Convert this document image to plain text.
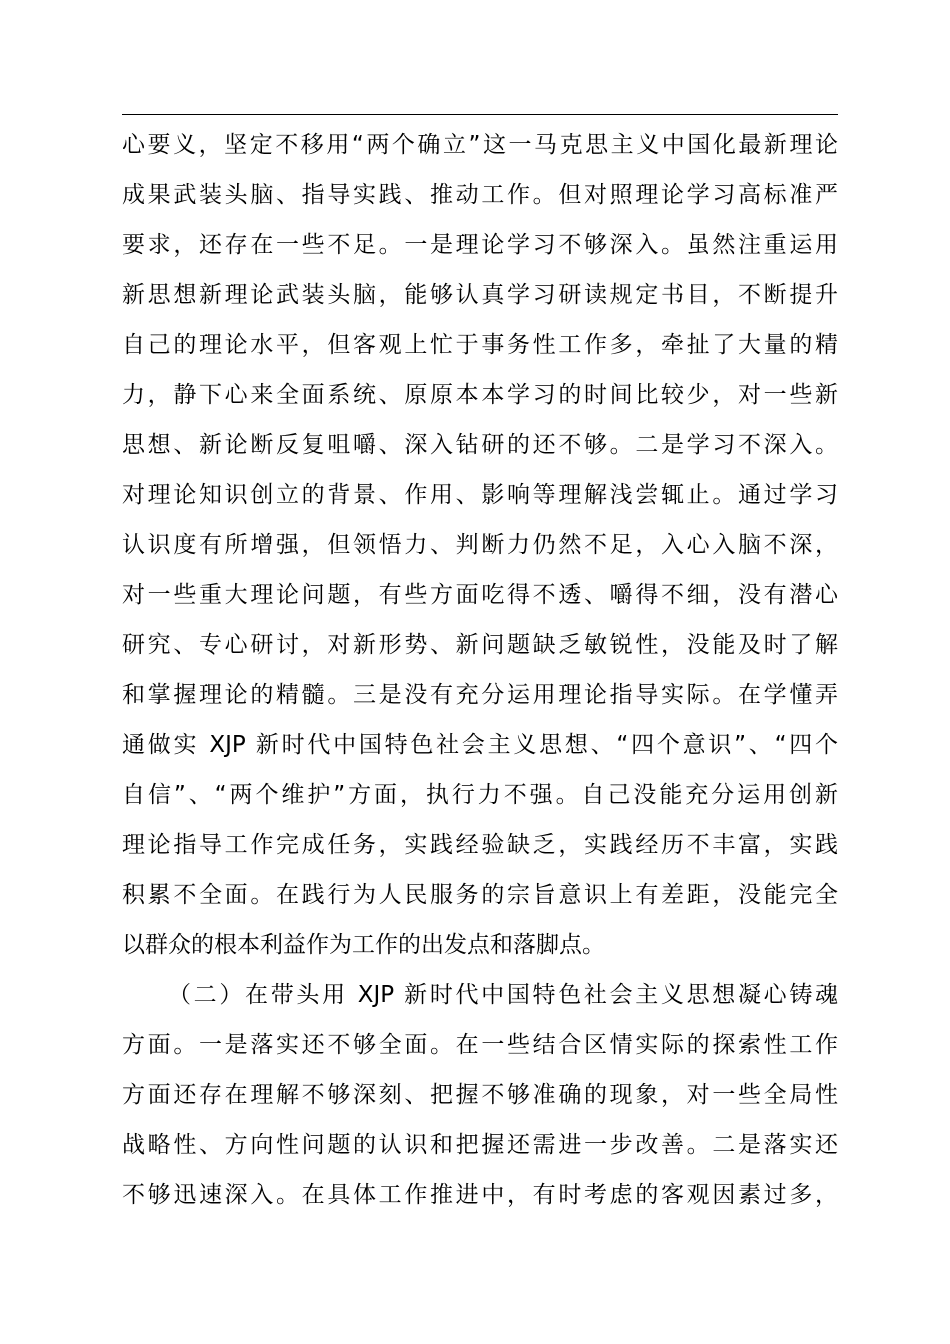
心要义，坚定不移用“两个确立”这一马克思主义中国化最新理论
成果武装头脑、指导实践、推动工作。但对照理论学习高标准严
要求，还存在一些不足。一是理论学习不够深入。虽然注重运用
新思想新理论武装头脑，能够认真学习研读规定书目，不断提升
自己的理论水平，但客观上忙于事务性工作多，牵扯了大量的精
力，静下心来全面系统、原原本本学习的时间比较少，对一些新
思想、新论断反复咀嚼、深入钻研的还不够。二是学习不深入。
对理论知识创立的背景、作用、影响等理解浅尝辄止。通过学习
认识度有所增强，但领悟力、判断力仍然不足，入心入脑不深，
对一些重大理论问题，有些方面吃得不透、嚼得不细，没有潜心
研究、专心研讨，对新形势、新问题缺乏敏锐性，没能及时了解
和掌握理论的精髓。三是没有充分运用理论指导实际。在学懂弄
通做实 XJP 新时代中国特色社会主义思想、“四个意识”、“四个
自信”、“两个维护”方面，执行力不强。自己没能充分运用创新
理论指导工作完成任务，实践经验缺乏，实践经历不丰富，实践
积累不全面。在践行为人民服务的宗旨意识上有差距，没能完全
以群众的根本利益作为工作的出发点和落脚点。
（二）在带头用 XJP 新时代中国特色社会主义思想凝心铸魂
方面。一是落实还不够全面。在一些结合区情实际的探索性工作
方面还存在理解不够深刻、把握不够准确的现象，对一些全局性
战略性、方向性问题的认识和把握还需进一步改善。二是落实还
不够迅速深入。在具体工作推进中，有时考虑的客观因素过多，
